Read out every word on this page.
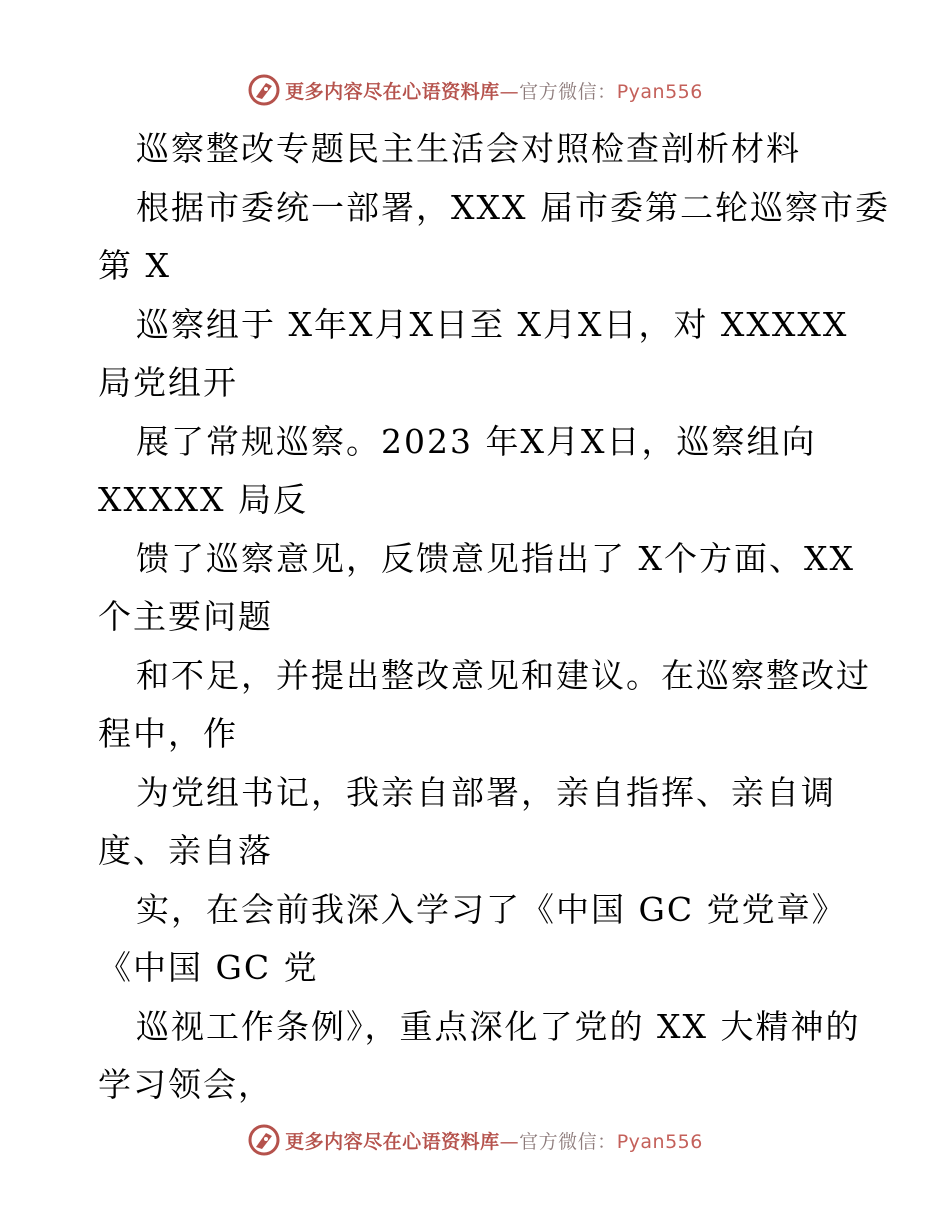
更多内容尽在心语资料库—官方微信：Pyan556
巡察整改专题民主生活会对照检查剖析材料
根据市委统一部署，XXX 届市委第二轮巡察市委
第 X
巡察组于 X年X月X日至 X月X日，对 XXXXX
局党组开
展了常规巡察。2023 年X月X日，巡察组向
XXXXX 局反
馈了巡察意见，反馈意见指出了 X个方面、XX
个主要问题
和不足，并提出整改意见和建议。在巡察整改过
程中，作
为党组书记，我亲自部署，亲自指挥、亲自调
度、亲自落
实，在会前我深入学习了《中国 GC 党党章》
《中国 GC 党
巡视工作条例》，重点深化了党的 XX 大精神的
学习领会，
更多内容尽在心语资料库—官方微信：Pyan556
